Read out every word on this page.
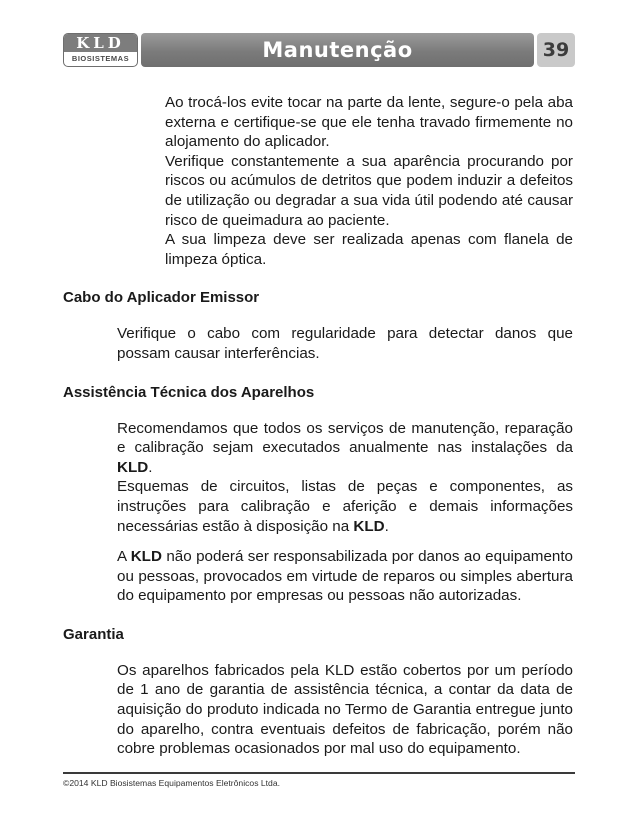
KLD
BIOSISTEMAS	Manutenção	39

Ao trocá-los evite tocar na parte da lente, segure-o pela aba externa e certifique-se que ele tenha travado firmemente no alojamento do aplicador.

Verifique constantemente a sua aparência procurando por riscos ou acúmulos de detritos que podem induzir a defeitos de utilização ou degradar a sua vida útil podendo até causar risco de queimadura ao paciente.

A sua limpeza deve ser realizada apenas com flanela de limpeza óptica.

Cabo do Aplicador Emissor

Verifique o cabo com regularidade para detectar danos que possam causar interferências.

Assistência Técnica dos Aparelhos

Recomendamos que todos os serviços de manutenção, reparação e calibração sejam executados anualmente nas instalações da KLD.

Esquemas de circuitos, listas de peças e componentes, as instruções para calibração e aferição e demais informações necessárias estão à disposição na KLD.

A KLD não poderá ser responsabilizada por danos ao equipamento ou pessoas, provocados em virtude de reparos ou simples abertura do equipamento por empresas ou pessoas não autorizadas.

Garantia

Os aparelhos fabricados pela KLD estão cobertos por um período de 1 ano de garantia de assistência técnica, a contar da data de aquisição do produto indicada no Termo de Garantia entregue junto do aparelho, contra eventuais defeitos de fabricação, porém não cobre problemas ocasionados por mal uso do equipamento.

©2014 KLD Biosistemas Equipamentos Eletrônicos Ltda.
